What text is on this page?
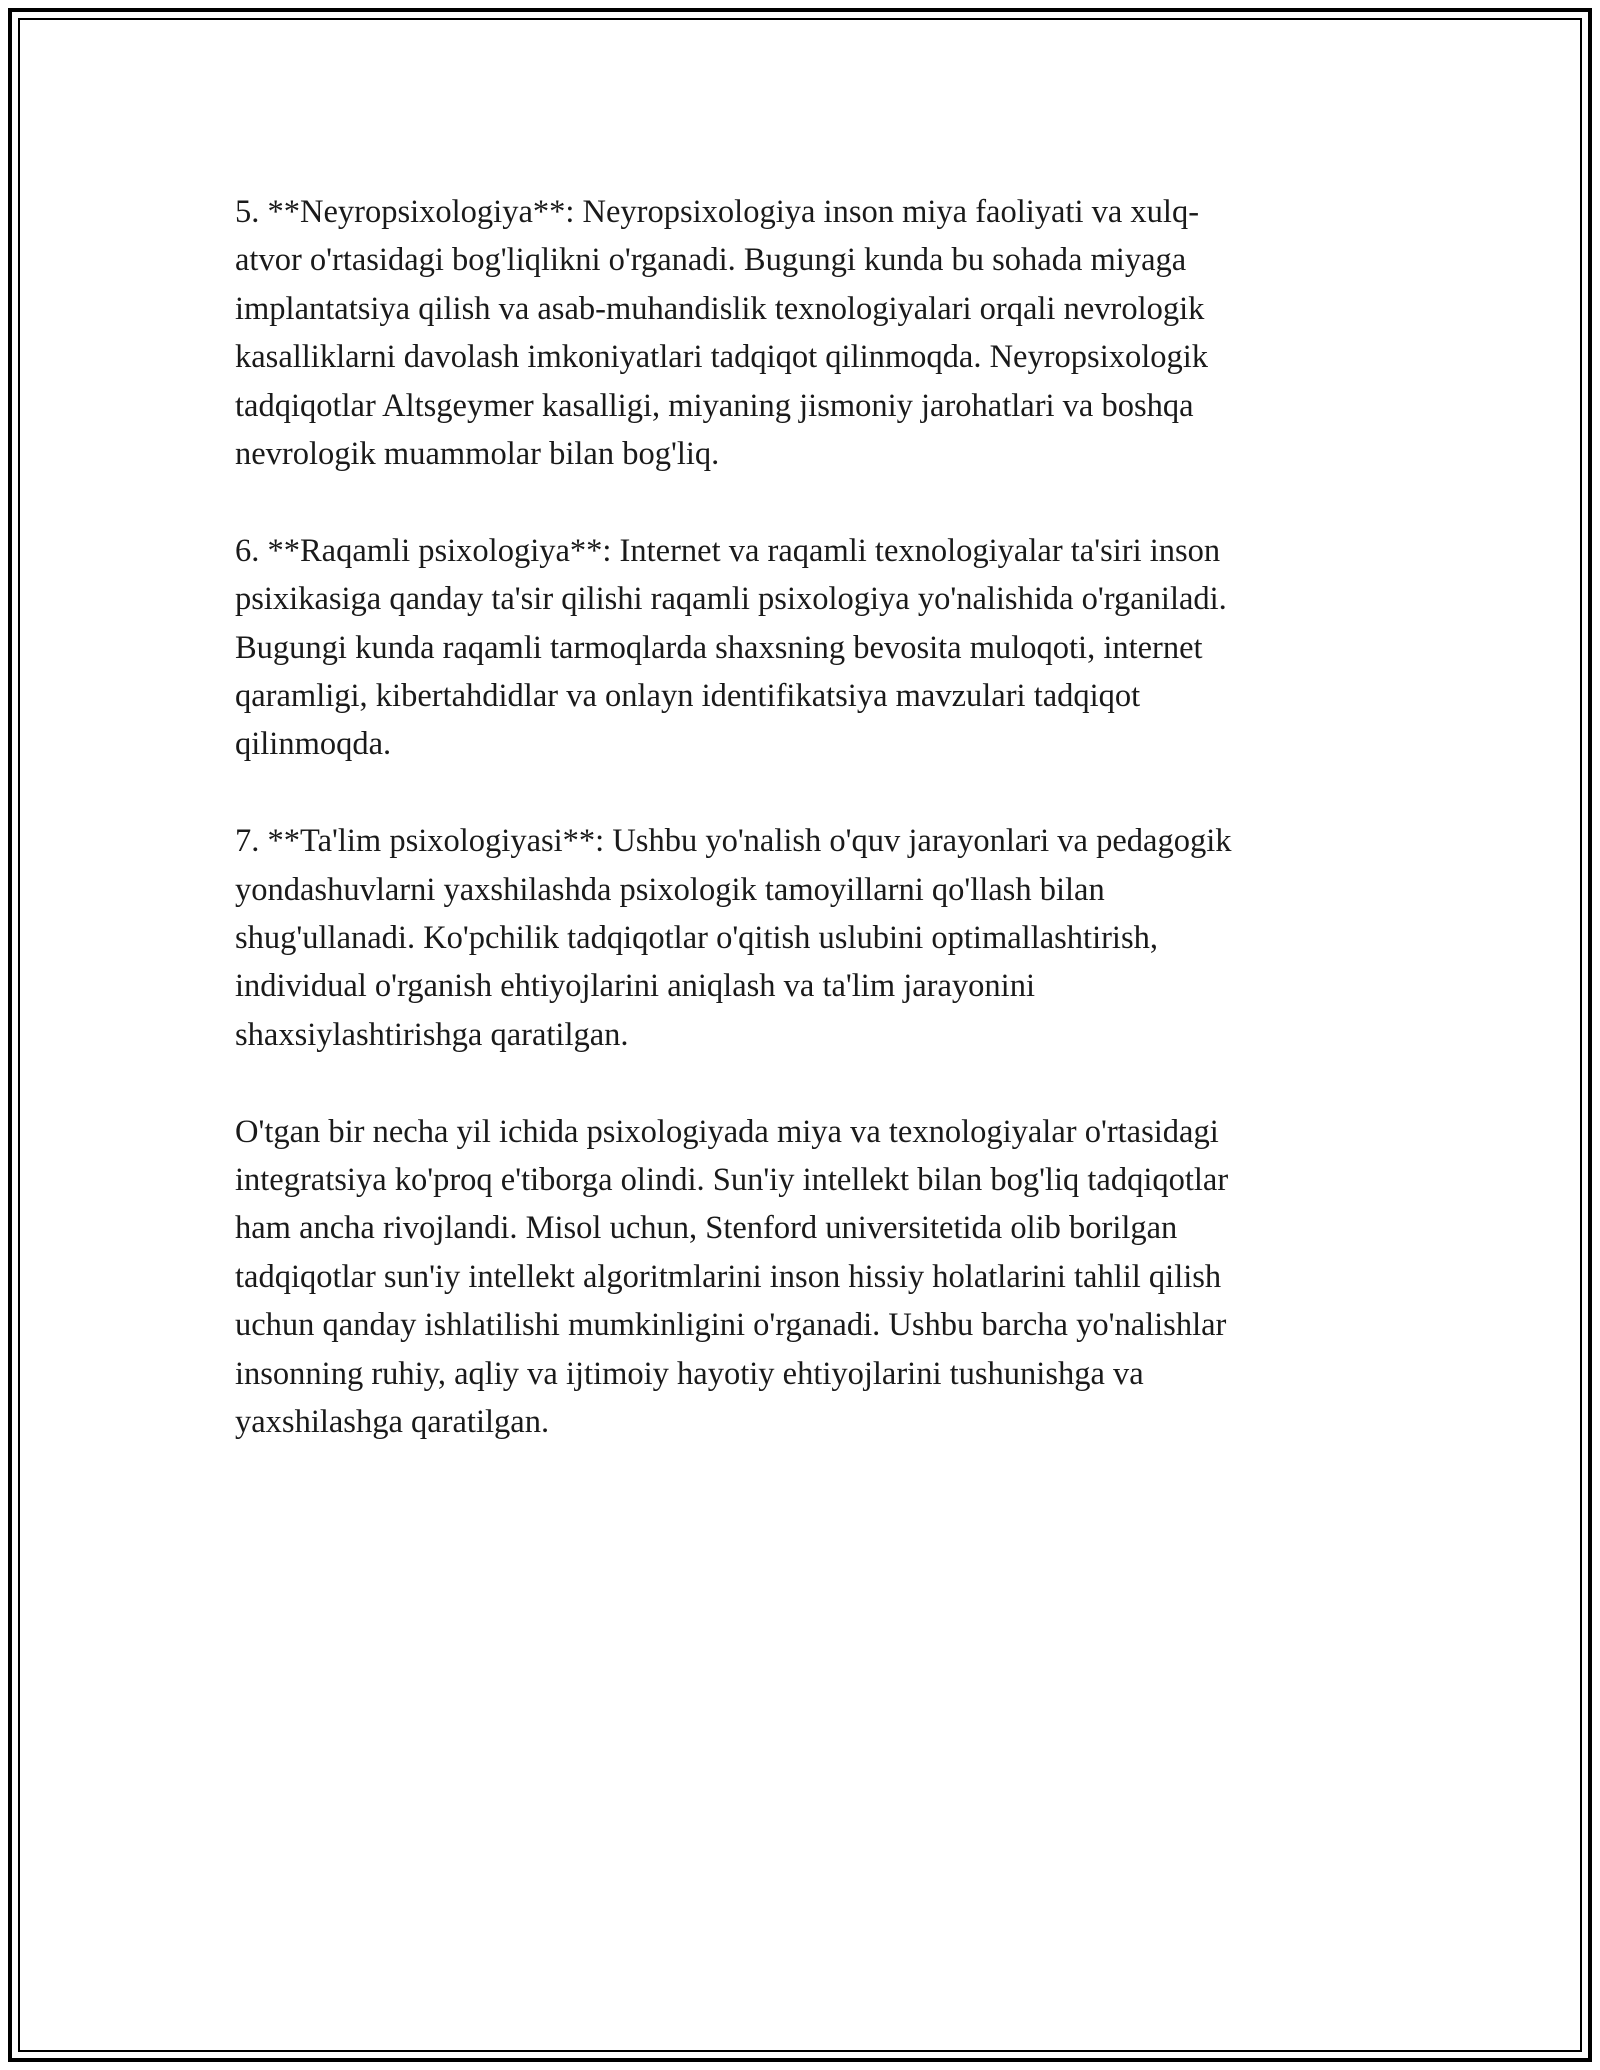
5. **Neyropsixologiya**: Neyropsixologiya inson miya faoliyati va xulq-
atvor o'rtasidagi bog'liqlikni o'rganadi. Bugungi kunda bu sohada miyaga
implantatsiya qilish va asab-muhandislik texnologiyalari orqali nevrologik
kasalliklarni davolash imkoniyatlari tadqiqot qilinmoqda. Neyropsixologik
tadqiqotlar Altsgeymer kasalligi, miyaning jismoniy jarohatlari va boshqa
nevrologik muammolar bilan bog'liq.

6. **Raqamli psixologiya**: Internet va raqamli texnologiyalar ta'siri inson
psixikasiga qanday ta'sir qilishi raqamli psixologiya yo'nalishida o'rganiladi.
Bugungi kunda raqamli tarmoqlarda shaxsning bevosita muloqoti, internet
qaramligi, kibertahdidlar va onlayn identifikatsiya mavzulari tadqiqot
qilinmoqda.

7. **Ta'lim psixologiyasi**: Ushbu yo'nalish o'quv jarayonlari va pedagogik
yondashuvlarni yaxshilashda psixologik tamoyillarni qo'llash bilan
shug'ullanadi. Ko'pchilik tadqiqotlar o'qitish uslubini optimallashtirish,
individual o'rganish ehtiyojlarini aniqlash va ta'lim jarayonini
shaxsiylashtirishga qaratilgan.

O'tgan bir necha yil ichida psixologiyada miya va texnologiyalar o'rtasidagi
integratsiya ko'proq e'tiborga olindi. Sun'iy intellekt bilan bog'liq tadqiqotlar
ham ancha rivojlandi. Misol uchun, Stenford universitetida olib borilgan
tadqiqotlar sun'iy intellekt algoritmlarini inson hissiy holatlarini tahlil qilish
uchun qanday ishlatilishi mumkinligini o'rganadi. Ushbu barcha yo'nalishlar
insonning ruhiy, aqliy va ijtimoiy hayotiy ehtiyojlarini tushunishga va
yaxshilashga qaratilgan.
